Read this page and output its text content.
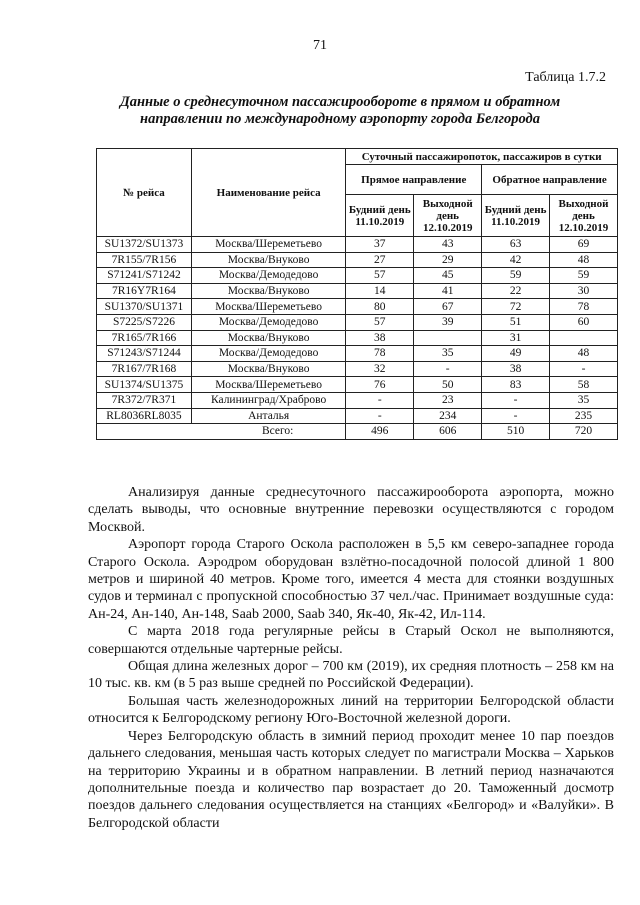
71
Таблица 1.7.2
Данные о среднесуточном пассажирообороте в прямом и обратном направлении по международному аэропорту города Белгорода
№ рейса	Наименование рейса	Суточный пассажиропоток, пассажиров в сутки			
		Прямое направление		Обратное направление	
		Будний день 11.10.2019	Выходной день 12.10.2019	Будний день 11.10.2019	Выходной день 12.10.2019
SU1372/SU1373	Москва/Шереметьево	37	43	63	69
7R155/7R156	Москва/Внуково	27	29	42	48
S71241/S71242	Москва/Демодедово	57	45	59	59
7R16Y7R164	Москва/Внуково	14	41	22	30
SU1370/SU1371	Москва/Шереметьево	80	67	72	78
S7225/S7226	Москва/Демодедово	57	39	51	60
7R165/7R166	Москва/Внуково	38		31	
S71243/S71244	Москва/Демодедово	78	35	49	48
7R167/7R168	Москва/Внуково	32	-	38	-
SU1374/SU1375	Москва/Шереметьево	76	50	83	58
7R372/7R371	Калининград/Храброво	-	23	-	35
RL8036RL8035	Анталья	-	234	-	235
Всего:		496	606	510	720

Анализируя данные среднесуточного пассажирооборота аэропорта, можно сделать выводы, что основные внутренние перевозки осуществляются с городом Москвой.

Аэропорт города Старого Оскола расположен в 5,5 км северо-западнее города Старого Оскола. Аэродром оборудован взлётно-посадочной полосой длиной 1 800 метров и шириной 40 метров. Кроме того, имеется 4 места для стоянки воздушных судов и терминал с пропускной способностью 37 чел./час. Принимает воздушные суда: Ан-24, Ан-140, Ан-148, Saab 2000, Saab 340, Як-40, Як-42, Ил-114.

С марта 2018 года регулярные рейсы в Старый Оскол не выполняются, совершаются отдельные чартерные рейсы.

Общая длина железных дорог – 700 км (2019), их средняя плотность – 258 км на 10 тыс. кв. км (в 5 раз выше средней по Российской Федерации).

Большая часть железнодорожных линий на территории Белгородской области относится к Белгородскому региону Юго-Восточной железной дороги.

Через Белгородскую область в зимний период проходит менее 10 пар поездов дальнего следования, меньшая часть которых следует по магистрали Москва – Харьков на территорию Украины и в обратном направлении. В летний период назначаются дополнительные поезда и количество пар возрастает до 20. Таможенный досмотр поездов дальнего следования осуществляется на станциях «Белгород» и «Валуйки». В Белгородской области
